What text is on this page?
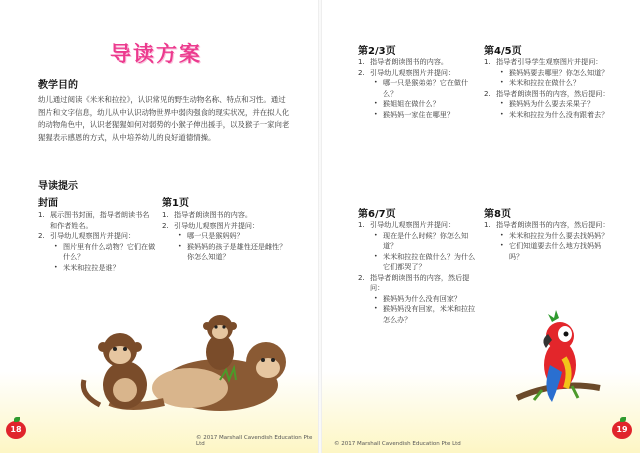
导读方案
教学目的
幼儿通过阅读《米米和拉拉》，认识常见的野生动物名称、特点和习性。通过图片和文字信息，幼儿从中认识动物世界中弱肉强食的现实状况，并在拟人化的动物角色中，认识老猩猩如何对弱势的小猴子伸出援手，以及猴子一家向老猩猩表示感恩的方式，从中培养幼儿的良好道德情操。
导读提示
封面
1. 展示图书封面，指导者朗读书名和作者姓名。
2. 引导幼儿观察图片并提问：
• 图片里有什么动物？它们在做什么？
• 米米和拉拉是谁？
第1页
1. 指导者朗读图书的内容。
2. 引导幼儿观察图片并提问：
• 哪一只是猴妈妈？
• 猴妈妈的孩子是雄性还是雌性？你怎么知道？
18
© 2017 Marshall Cavendish Education Pte Ltd
第2/3页
1. 指导者朗读图书的内容。
2. 引导幼儿观察图片并提问：
• 哪一只是猴弟弟？它在做什么？
• 猴姐姐在做什么？
• 猴妈妈一家住在哪里？
第4/5页
1. 指导者引导学生观察图片并提问：
• 猴妈妈要去哪里？你怎么知道？
• 米米和拉拉在做什么？
2. 指导者朗读图书的内容，然后提问：
• 猴妈妈为什么要去采果子？
• 米米和拉拉为什么没有跟着去？
第6/7页
1. 引导幼儿观察图片并提问：
• 现在是什么时候？你怎么知道？
• 米米和拉拉在做什么？为什么它们都哭了？
2. 指导者朗读图书的内容，然后提问：
• 猴妈妈为什么没有回家？
• 猴妈妈没有回家，米米和拉拉怎么办？
第8页
1. 指导者朗读图书的内容，然后提问：
• 米米和拉拉为什么要去找妈妈？
• 它们知道要去什么地方找妈妈吗？
19
© 2017 Marshall Cavendish Education Pte Ltd
